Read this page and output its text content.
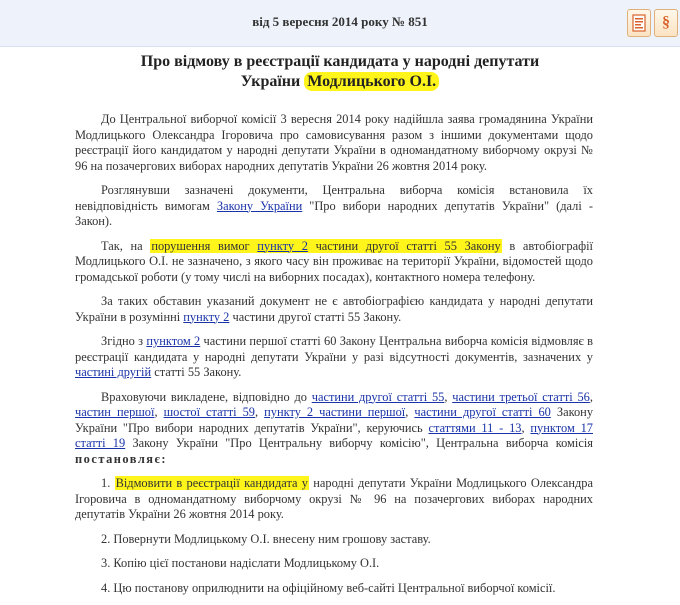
від 5 вересня 2014 року № 851	§
Про відмову в реєстрації кандидата у народні депутати
України Модлицького О.І.

До Центральної виборчої комісії 3 вересня 2014 року надійшла заява громадянина України Модлицького Олександра Ігоровича про самовисування разом з іншими документами щодо реєстрації його кандидатом у народні депутати України в одномандатному виборчому окрузі № 96 на позачергових виборах народних депутатів України 26 жовтня 2014 року.

Розглянувши зазначені документи, Центральна виборча комісія встановила їх невідповідність вимогам Закону України "Про вибори народних депутатів України" (далі - Закон).

Так, на порушення вимог пункту 2 частини другої статті 55 Закону в автобіографії Модлицького О.І. не зазначено, з якого часу він проживає на території України, відомостей щодо громадської роботи (у тому числі на виборних посадах), контактного номера телефону.

За таких обставин указаний документ не є автобіографією кандидата у народні депутати України в розумінні пункту 2 частини другої статті 55 Закону.

Згідно з пунктом 2 частини першої статті 60 Закону Центральна виборча комісія відмовляє в реєстрації кандидата у народні депутати України у разі відсутності документів, зазначених у частині другій статті 55 Закону.

Враховуючи викладене, відповідно до частини другої статті 55, частини третьої статті 56, частин першої, шостої статті 59, пункту 2 частини першої, частини другої статті 60 Закону України "Про вибори народних депутатів України", керуючись статтями 11 - 13, пунктом 17 статті 19 Закону України "Про Центральну виборчу комісію", Центральна виборча комісія постановляє:

1. Відмовити в реєстрації кандидата у народні депутати України Модлицького Олександра Ігоровича в одномандатному виборчому окрузі № 96 на позачергових виборах народних депутатів України 26 жовтня 2014 року.

2. Повернути Модлицькому О.І. внесену ним грошову заставу.

3. Копію цієї постанови надіслати Модлицькому О.І.

4. Цю постанову оприлюднити на офіційному веб-сайті Центральної виборчої комісії.
